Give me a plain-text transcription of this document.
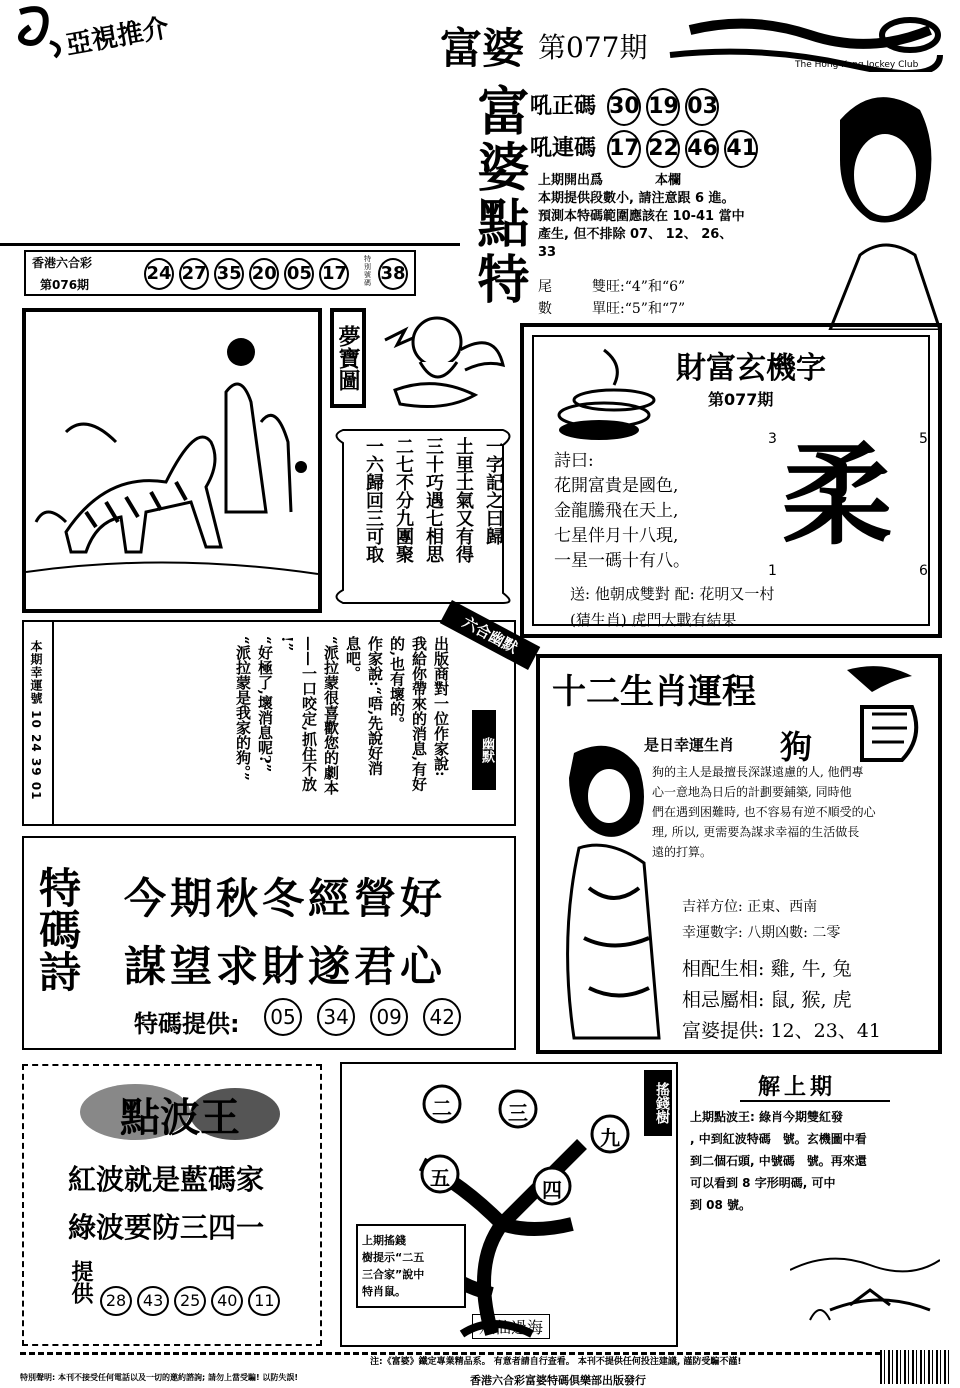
亞視推介	富婆 第077期
The Hong Kong Jockey Club
富婆點特 吼正碼 30 19 03
吼連碼 17 22 46 41
上期開出爲　　　　本欄
本期提供段數小, 請注意跟 6 進。
預測本特碼範圍應該在 10-41 當中
產生, 但不排除 07、 12、 26、
33
尾數
雙旺:“4”和“6”
單旺:“5”和“7”
香港六合彩
第076期
24 27 35 20 05 17
特別號碼 38
夢寶圖
一字記之曰歸
土里土氣又有得
三十巧遇七相思
二七不分九團聚
一六歸回三可取
財富玄機字
第077期
3	5
1	6
柔
詩曰:
花開富貴是國色,
金龍騰飛在天上,
七星伴月十八現,
一星一碼十有八。
送: 他朝成雙對 配: 花明又一村
(猜生肖) 虎門大戰有結果
本期幸運號 10 24 39 01	出版商對一位作家說:
我給你帶來的消息,有好
的,也有壞的。
作家說:“唔,先說好消
息吧。
“派拉蒙很喜歡您的劇本
——一口咬定,抓住不放
!”
“好極了,壞消息呢?”
“派拉蒙是我家的狗。”	幽默
六合幽默
十二生肖運程
是日幸運生肖 狗
狗的主人是最擅長深謀遠慮的人, 他們專
心一意地為日后的計劃要鋪築, 同時他
們在遇到困難時, 也不容易有逆不順受的心
理, 所以, 更需要為謀求幸福的生活做長
遠的打算。
吉祥方位: 正東、西南
幸運數字: 八期凶數: 二零
相配生相: 雞, 牛, 兔
相忌屬相: 鼠, 猴, 虎
富婆提供: 12、23、41
特碼詩 今期秋冬經營好
謀望求財遂君心
特碼提供:	05 34 09 42
點波王
紅波就是藍碼家
綠波要防三四一
提供 28 43 25 40 11
二	三
九
五	四
搖錢樹
上期搖錢
樹提示“二五
三合家”說中
特肖鼠。
八仙過海
解上期
上期點波王: 綠肖今期雙紅發
, 中到紅波特碼　號。玄機圖中看
到二個石頭, 中號碼　號。再來還
可以看到 8 字形明碼, 可中
到 08 號。
注:《富婆》鐵定專業精品系。 有意者請自行查看。 本刊不提供任何投注建議, 謹防受騙不謹!
特別聲明: 本刊不接受任何電話以及一切的邀約諮詢; 請勿上當受騙! 以防失誤!	香港六合彩富婆特碼俱樂部出版發行
